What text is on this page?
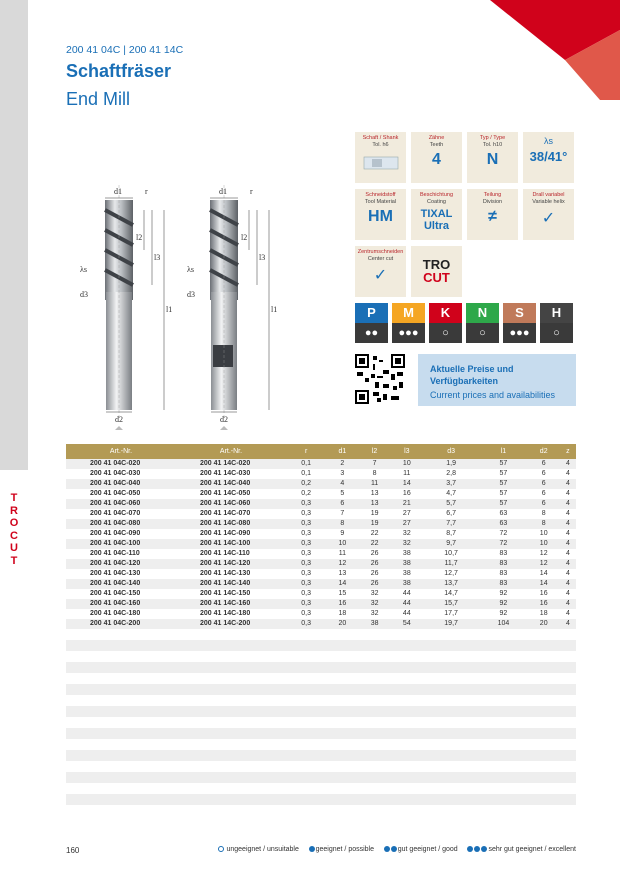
T
R
O
C
U
T
200 41 04C | 200 41 14C
Schaftfräser
End Mill
d1	r
l2
l3
λs
d3
l1
d2
d1	r
l2
l3
λs
d3
l1
d2
Schaft / Shank
Tol. h6
Zähne
Teeth
4
Typ / Type
Tol. h10
N
λs
38/41°
Schneidstoff
Tool Material
HM
Beschichtung
Coating
TIXAL
Ultra
Teilung
Division
≠
Drall variabel
Variable helix
✓
Zentrumschneiden
Center cut
✓
TRO
CUT
P
●●
M
●●●
K
○
N
○
S
●●●
H
○
Aktuelle Preise und
Verfügbarkeiten
Current prices and availabilities
Art.-Nr.	Art.-Nr.	r	d1	l2	l3	d3	l1	d2	z
200 41 04C-020	200 41 14C-020	0,1	2	7	10	1,9	57	6	4
200 41 04C-030	200 41 14C-030	0,1	3	8	11	2,8	57	6	4
200 41 04C-040	200 41 14C-040	0,2	4	11	14	3,7	57	6	4
200 41 04C-050	200 41 14C-050	0,2	5	13	16	4,7	57	6	4
200 41 04C-060	200 41 14C-060	0,3	6	13	21	5,7	57	6	4
200 41 04C-070	200 41 14C-070	0,3	7	19	27	6,7	63	8	4
200 41 04C-080	200 41 14C-080	0,3	8	19	27	7,7	63	8	4
200 41 04C-090	200 41 14C-090	0,3	9	22	32	8,7	72	10	4
200 41 04C-100	200 41 14C-100	0,3	10	22	32	9,7	72	10	4
200 41 04C-110	200 41 14C-110	0,3	11	26	38	10,7	83	12	4
200 41 04C-120	200 41 14C-120	0,3	12	26	38	11,7	83	12	4
200 41 04C-130	200 41 14C-130	0,3	13	26	38	12,7	83	14	4
200 41 04C-140	200 41 14C-140	0,3	14	26	38	13,7	83	14	4
200 41 04C-150	200 41 14C-150	0,3	15	32	44	14,7	92	16	4
200 41 04C-160	200 41 14C-160	0,3	16	32	44	15,7	92	16	4
200 41 04C-180	200 41 14C-180	0,3	18	32	44	17,7	92	18	4
200 41 04C-200	200 41 14C-200	0,3	20	38	54	19,7	104	20	4

160	ungeeignet / unsuitable geeignet / possible	gut geeignet / good	sehr gut geeignet / excellent
